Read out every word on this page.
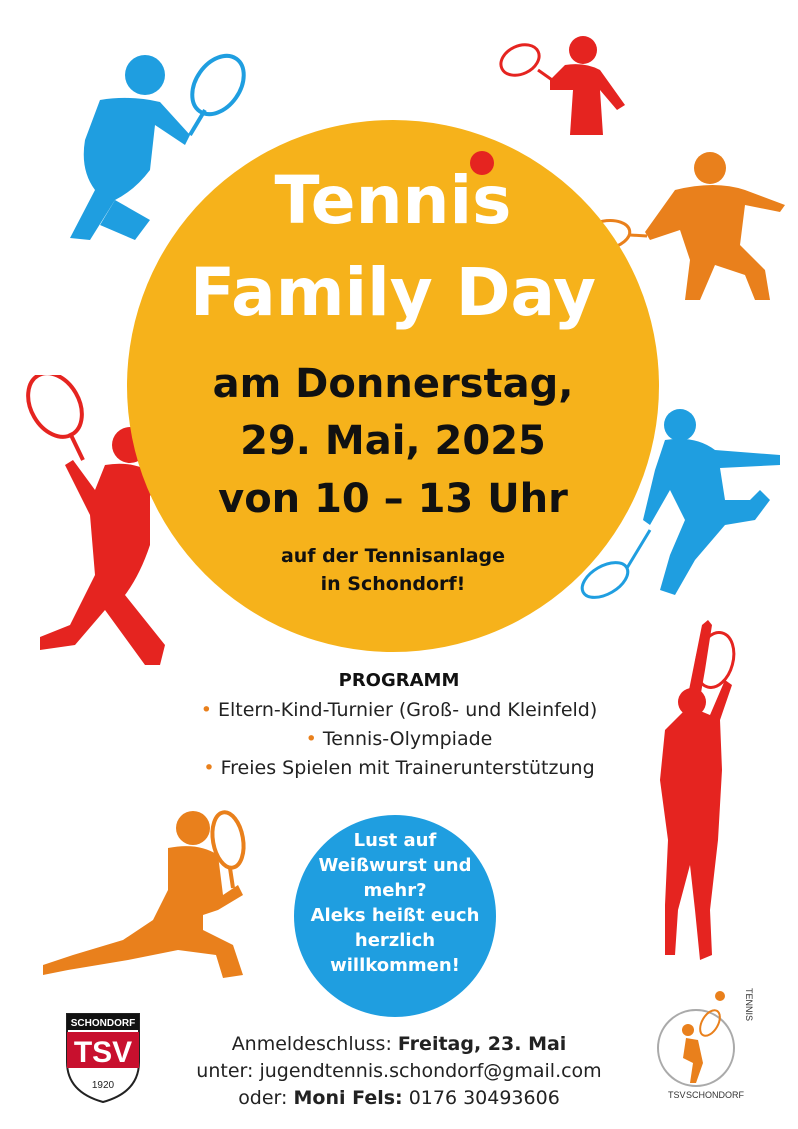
Tennis
Family Day
am Donnerstag,
29. Mai, 2025
von 10 – 13 Uhr
auf der Tennisanlage
in Schondorf!
PROGRAMM
• Eltern-Kind-Turnier (Groß- und Kleinfeld)
• Tennis-Olympiade
• Freies Spielen mit Trainerunterstützung
Lust auf
Weißwurst und
mehr?
Aleks heißt euch
herzlich
willkommen!
SCHONDORF
TSV
1920
Anmeldeschluss: Freitag, 23. Mai
unter: jugendtennis.schondorf@gmail.com
oder: Moni Fels: 0176 30493606	TSV SCHONDORF
TENNIS
